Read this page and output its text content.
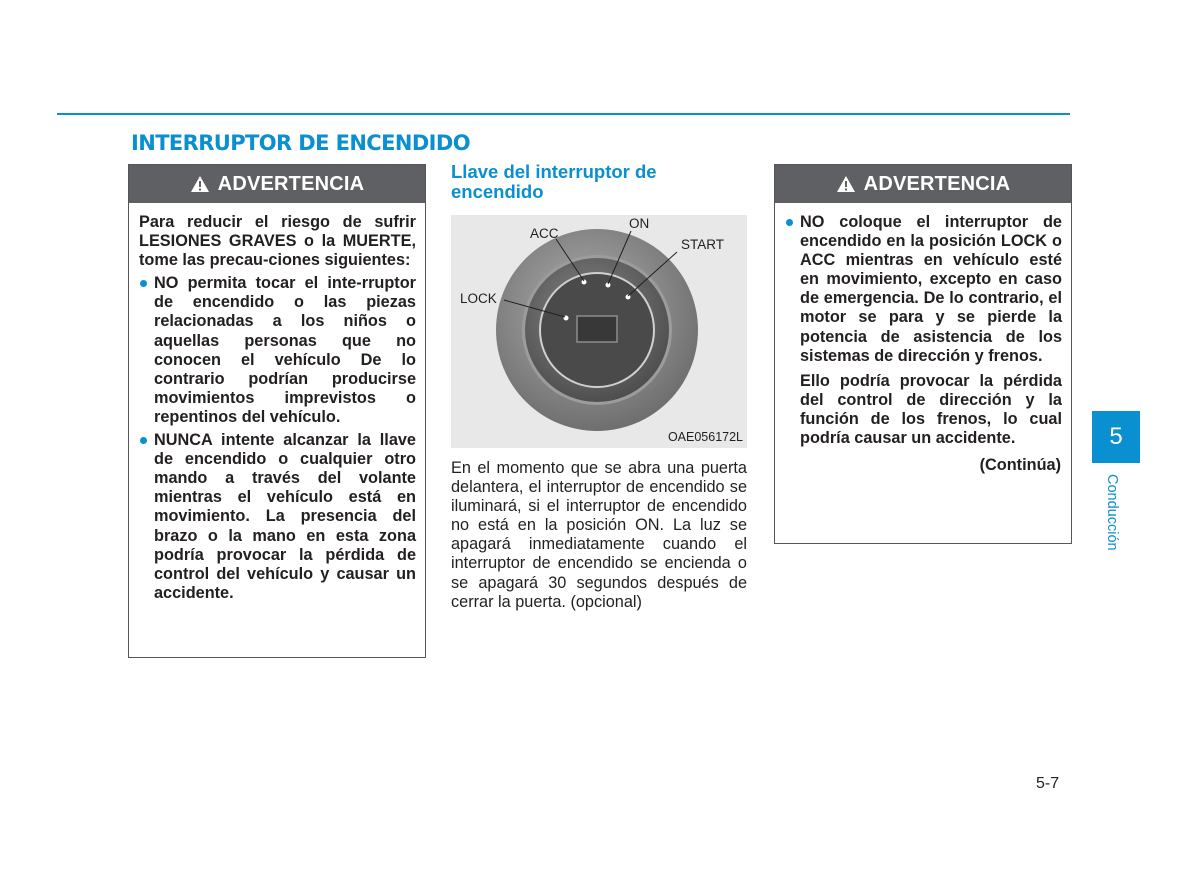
INTERRUPTOR DE ENCENDIDO
ADVERTENCIA

Para reducir el riesgo de sufrir LESIONES GRAVES o la MUERTE, tome las precau-ciones siguientes:

NO permita tocar el inte-rruptor de encendido o las piezas relacionadas a los niños o aquellas personas que no conocen el vehículo De lo contrario podrían producirse movimientos imprevistos o repentinos del vehículo.
NUNCA intente alcanzar la llave de encendido o cualquier otro mando a través del volante mientras el vehículo está en movimiento. La presencia del brazo o la mano en esta zona podría provocar la pérdida de control del vehículo y causar un accidente.
Llave del interruptor de encendido
ACC
ON
START
LOCK
OAE056172L

En el momento que se abra una puerta delantera, el interruptor de encendido se iluminará, si el interruptor de encendido no está en la posición ON. La luz se apagará inmediatamente cuando el interruptor de encendido se encienda o se apagará 30 segundos después de cerrar la puerta. (opcional)

ADVERTENCIA
NO coloque el interruptor de encendido en la posición LOCK o ACC mientras en vehículo esté en movimiento, excepto en caso de emergencia. De lo contrario, el motor se para y se pierde la potencia de asistencia de los sistemas de dirección y frenos.

Ello podría provocar la pérdida del control de dirección y la función de los frenos, lo cual podría causar un accidente.

(Continúa)
5
Conducción
5-7
